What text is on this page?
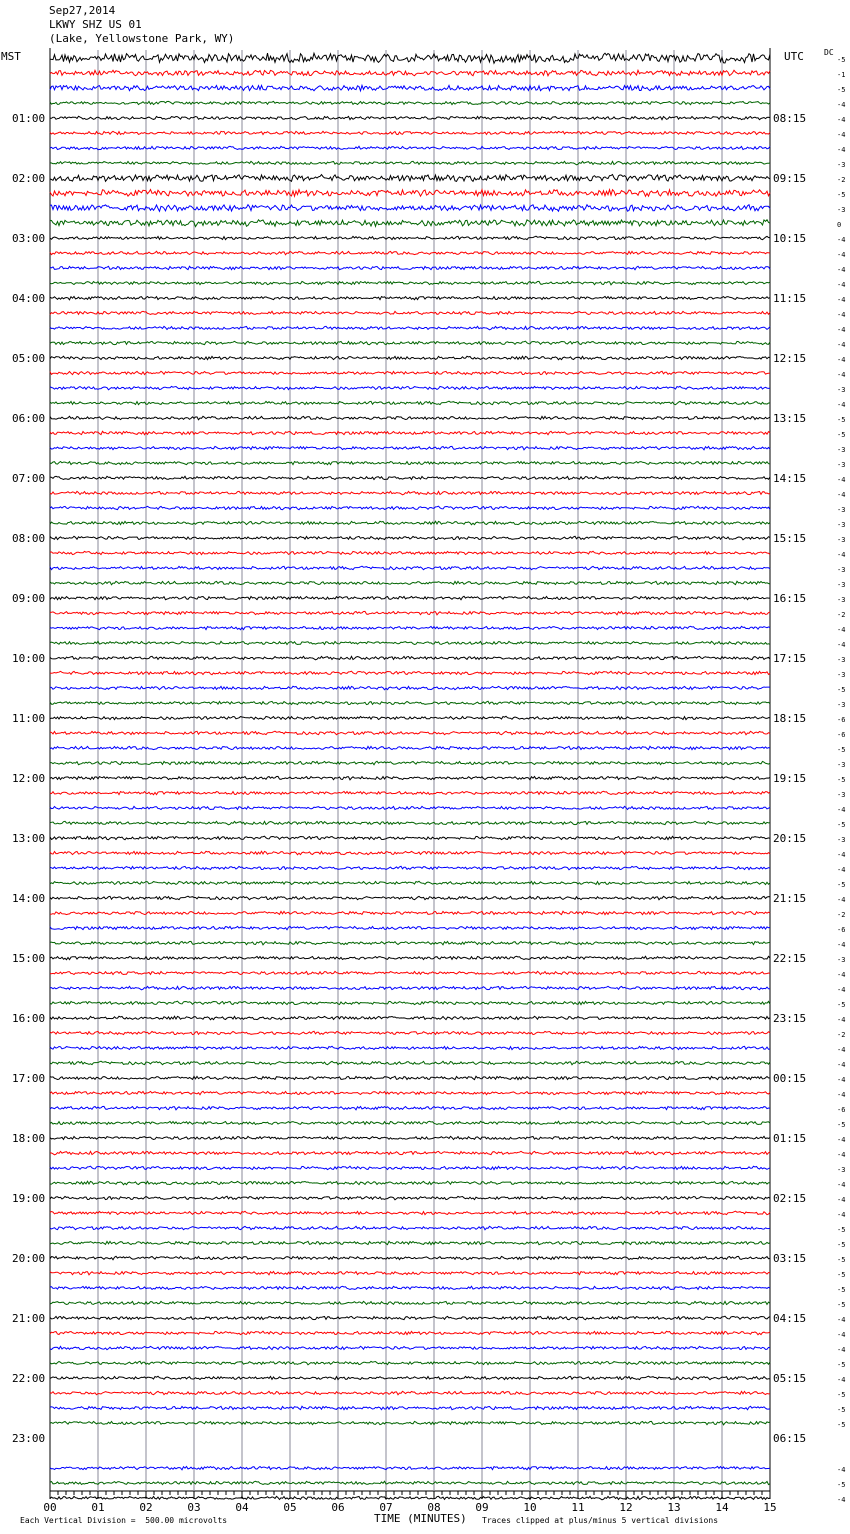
Sep27,2014
LKWY SHZ US 01
(Lake, Yellowstone Park, WY)
MST	UTC	DC
-5
-1
-5
-4
-4
-4
-4
-3
-2
-5
-3
0
-4
-4
-4
-4
-4
-4
-4
-4
-4
-4
-3
-4
-5
-5
-3
-3
-4
-4
-3
-3
-3
-4
-3
-3
-3
-2
-4
-4
-3
-3
-5
-3
-6
-6
-5
-3
-5
-3
-4
-5
-3
-4
-4
-5
-4
-2
-6
-4
-3
-4
-4
-5
-4
-2
-4
-4
-4
-4
-6
-5
-4
-4
-3
-4
-4
-4
-5
-5
-5
-5
-5
-5
-4
-4
-4
-5
-4
-5
-5
-5
-4
-5
-4
01:00	08:15
02:00	09:15
03:00	10:15
04:00	11:15
05:00	12:15
06:00	13:15
07:00	14:15
08:00	15:15
09:00	16:15
10:00	17:15
11:00	18:15
12:00	19:15
13:00	20:15
14:00	21:15
15:00	22:15
16:00	23:15
17:00	00:15
18:00	01:15
19:00	02:15
20:00	03:15
21:00	04:15
22:00	05:15
23:00	06:15
00	01	02	03	04	05	06	07	08	09	10	11	12	13	14	15
Each Vertical Division =  500.00 microvolts	TIME (MINUTES) Traces clipped at plus/minus 5 vertical divisions
